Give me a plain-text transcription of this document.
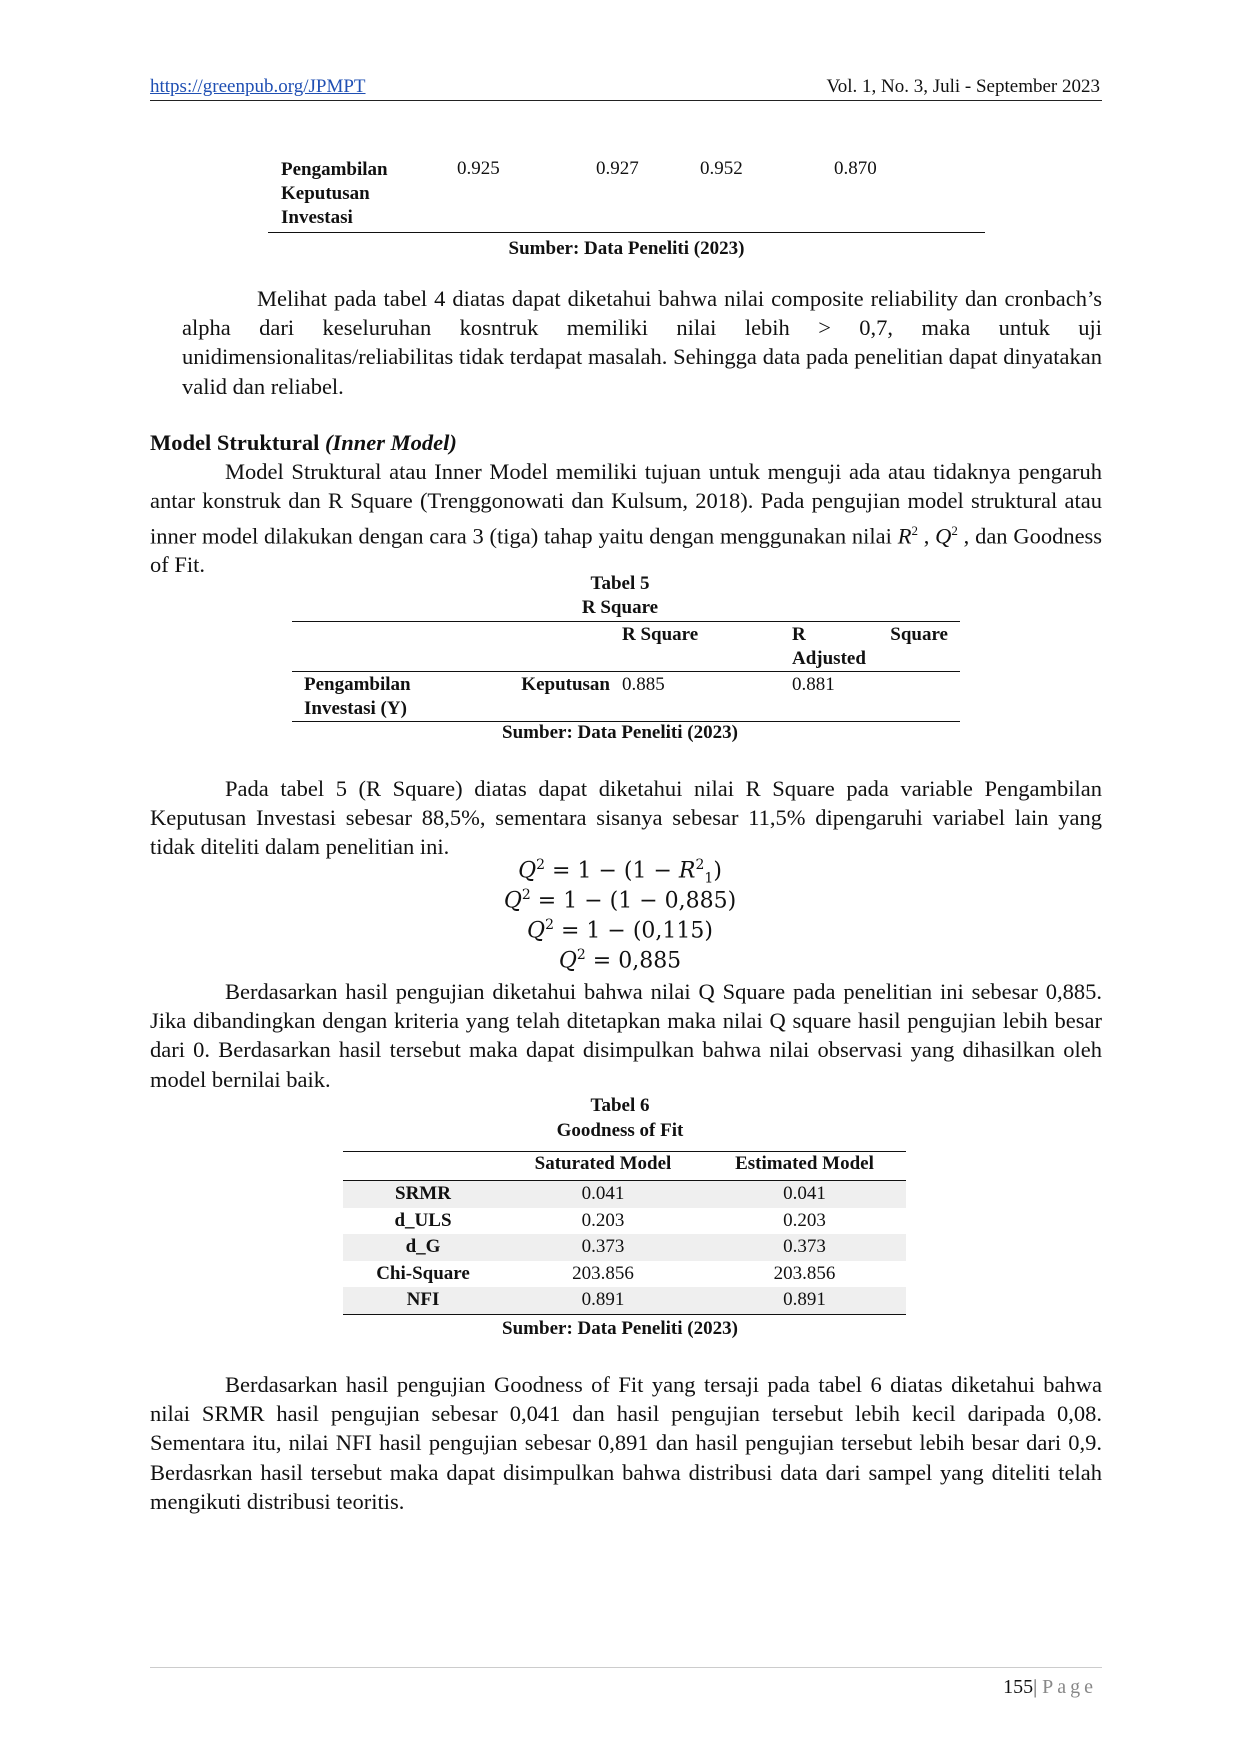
https://greenpub.org/JPMPT	Vol. 1, No. 3, Juli - September 2023
Pengambilan
Keputusan
Investasi
	0.925	0.927	0.952	0.870
Sumber: Data Peneliti (2023)

Melihat pada tabel 4 diatas dapat diketahui bahwa nilai composite reliability dan cronbach’s alpha dari keseluruhan kosntruk memiliki nilai lebih > 0,7, maka untuk uji unidimensionalitas/reliabilitas tidak terdapat masalah. Sehingga data pada penelitian dapat dinyatakan valid dan reliabel.

Model Struktural (Inner Model)

Model Struktural atau Inner Model memiliki tujuan untuk menguji ada atau tidaknya pengaruh antar konstruk dan R Square (Trenggonowati dan Kulsum, 2018). Pada pengujian model struktural atau inner model dilakukan dengan cara 3 (tiga) tahap yaitu dengan menggunakan nilai $R^2$ , $Q^2$ , dan Goodness of Fit.

Tabel 5
R Square
	R Square	R Square
Adjusted

Pengambilan Keputusan
Investasi (Y)	0.885	0.881
Sumber: Data Peneliti (2023)

Pada tabel 5 (R Square) diatas dapat diketahui nilai R Square pada variable Pengambilan Keputusan Investasi sebesar 88,5%, sementara sisanya sebesar 11,5% dipengaruhi variabel lain yang tidak diteliti dalam penelitian ini.

$Q^2 = 1 - (1 - R^2_1)$
$Q^2 = 1 - (1 - 0,885)$
$Q^2 = 1 - (0,115)$
$Q^2 = 0,885$

Berdasarkan hasil pengujian diketahui bahwa nilai Q Square pada penelitian ini sebesar 0,885. Jika dibandingkan dengan kriteria yang telah ditetapkan maka nilai Q square hasil pengujian lebih besar dari 0. Berdasarkan hasil tersebut maka dapat disimpulkan bahwa nilai observasi yang dihasilkan oleh model bernilai baik.

Tabel 6
Goodness of Fit
	Saturated Model	Estimated Model
SRMR	0.041	0.041
d_ULS	0.203	0.203
d_G	0.373	0.373
Chi-Square	203.856	203.856
NFI	0.891	0.891
Sumber: Data Peneliti (2023)

Berdasarkan hasil pengujian Goodness of Fit yang tersaji pada tabel 6 diatas diketahui bahwa nilai SRMR hasil pengujian sebesar 0,041 dan hasil pengujian tersebut lebih kecil daripada 0,08. Sementara itu, nilai NFI hasil pengujian sebesar 0,891 dan hasil pengujian tersebut lebih besar dari 0,9. Berdasrkan hasil tersebut maka dapat disimpulkan bahwa distribusi data dari sampel yang diteliti telah mengikuti distribusi teoritis.

155| Page
